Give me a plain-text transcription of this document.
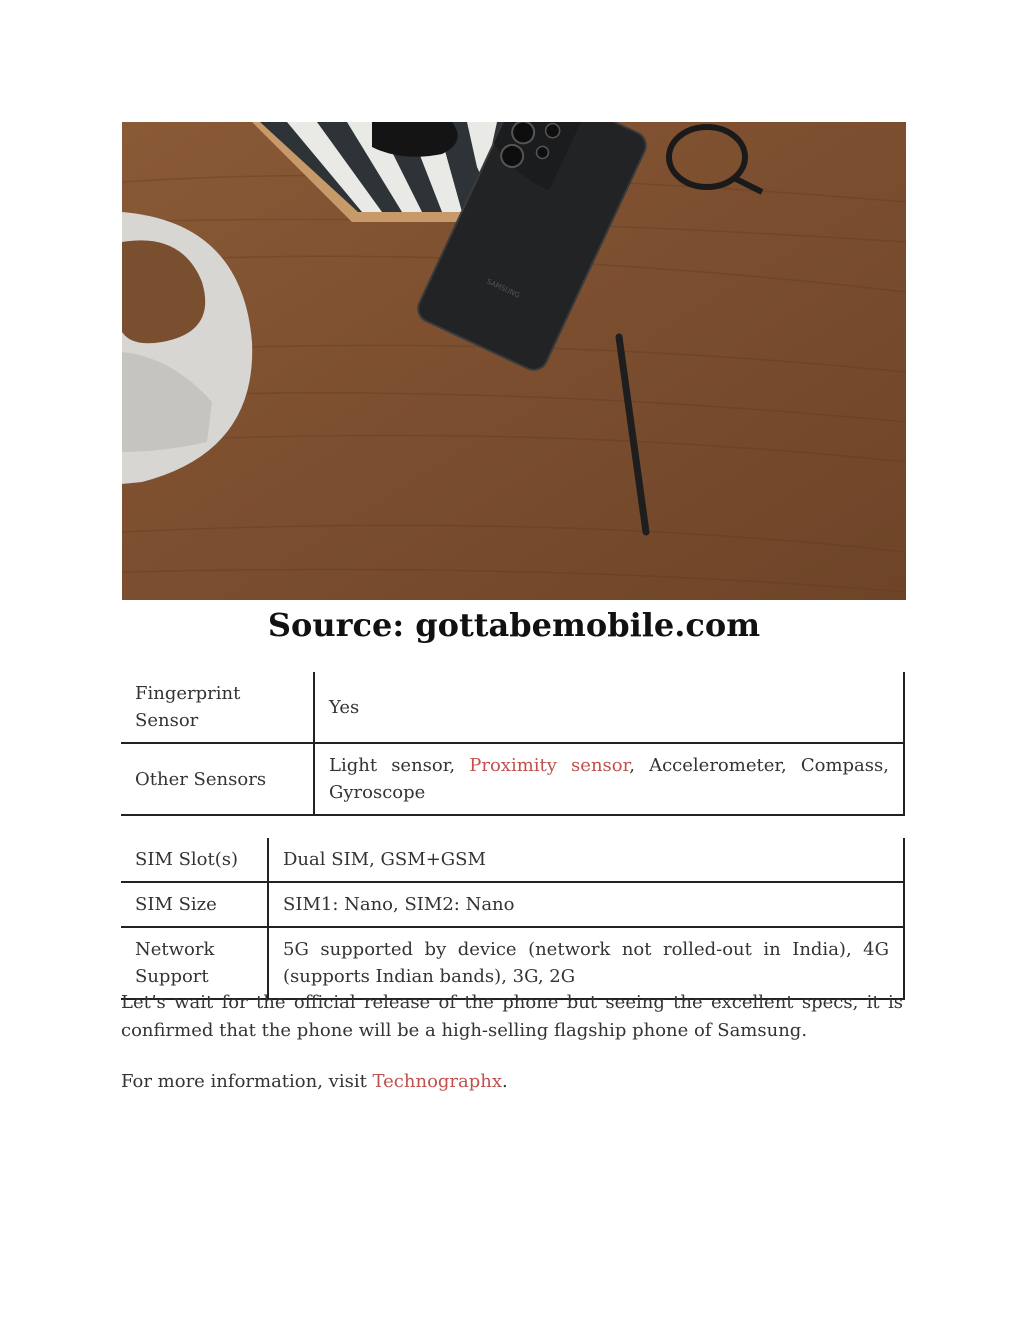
SAMSUNG
Source: gottabemobile.com
Fingerprint Sensor	Yes
Other Sensors	Light sensor, Proximity sensor, Accelerometer, Compass, Gyroscope
SIM Slot(s)	Dual SIM, GSM+GSM
SIM Size	SIM1: Nano, SIM2: Nano
Network Support	5G supported by device (network not rolled-out in India), 4G (supports Indian bands), 3G, 2G

Let’s wait for the official release of the phone but seeing the excellent specs, it is confirmed that the phone will be a high-selling flagship phone of Samsung.

For more information, visit Technographx.
